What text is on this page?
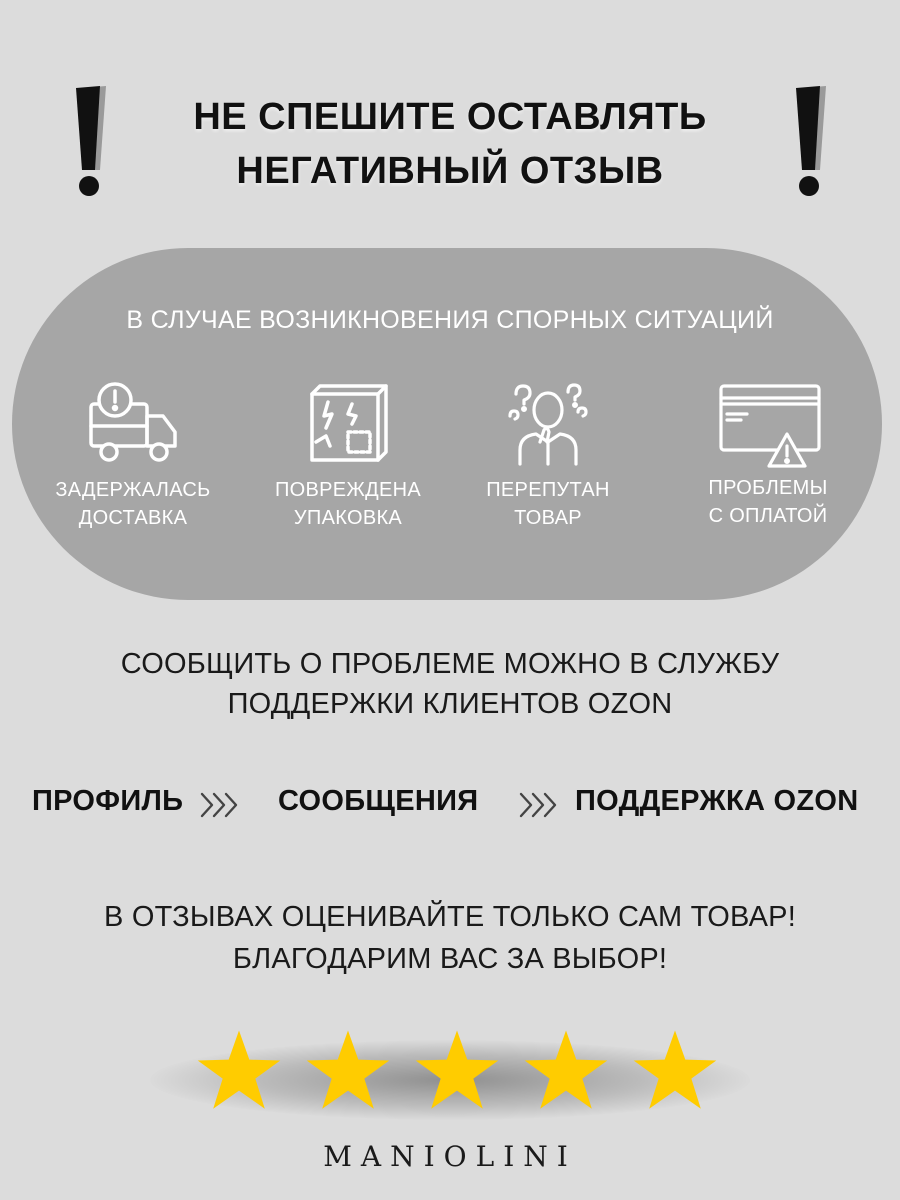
НЕ СПЕШИТЕ ОСТАВЛЯТЬ
НЕГАТИВНЫЙ ОТЗЫВ
В СЛУЧАЕ ВОЗНИКНОВЕНИЯ СПОРНЫХ СИТУАЦИЙ
ЗАДЕРЖАЛАСЬ
ДОСТАВКА
ПОВРЕЖДЕНА
УПАКОВКА
ПЕРЕПУТАН
ТОВАР
ПРОБЛЕМЫ
С ОПЛАТОЙ
СООБЩИТЬ О ПРОБЛЕМЕ МОЖНО В СЛУЖБУ
ПОДДЕРЖКИ КЛИЕНТОВ OZON
ПРОФИЛЬ	СООБЩЕНИЯ	ПОДДЕРЖКА OZON
В ОТЗЫВАХ ОЦЕНИВАЙТЕ ТОЛЬКО САМ ТОВАР!
БЛАГОДАРИМ ВАС ЗА ВЫБОР!
MANIOLINI
